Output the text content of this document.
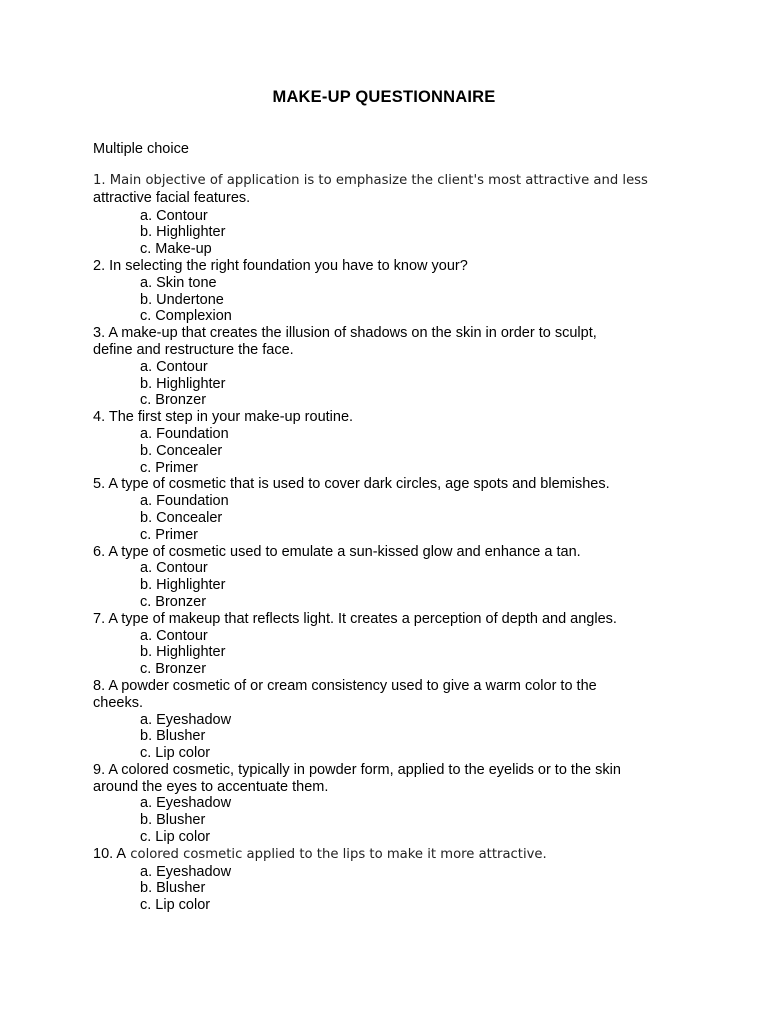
MAKE-UP QUESTIONNAIRE
Multiple choice

1. Main objective of application is to emphasize the client's most attractive and less
attractive facial features.

a. Contour
b. Highlighter
c. Make-up

2. In selecting the right foundation you have to know your?

a. Skin tone
b. Undertone
c. Complexion

3. A make-up that creates the illusion of shadows on the skin in order to sculpt,
define and restructure the face.

a. Contour
b. Highlighter
c. Bronzer

4. The first step in your make-up routine.

a. Foundation
b. Concealer
c. Primer

5. A type of cosmetic that is used to cover dark circles, age spots and blemishes.

a. Foundation
b. Concealer
c. Primer

6. A type of cosmetic used to emulate a sun-kissed glow and enhance a tan.

a. Contour
b. Highlighter
c. Bronzer

7. A type of makeup that reflects light. It creates a perception of depth and angles.

a. Contour
b. Highlighter
c. Bronzer

8. A powder cosmetic of or cream consistency used to give a warm color to the
cheeks.

a. Eyeshadow
b. Blusher
c. Lip color

9. A colored cosmetic, typically in powder form, applied to the eyelids or to the skin
around the eyes to accentuate them.

a. Eyeshadow
b. Blusher
c. Lip color

10. A colored cosmetic applied to the lips to make it more attractive.

a. Eyeshadow
b. Blusher
c. Lip color
